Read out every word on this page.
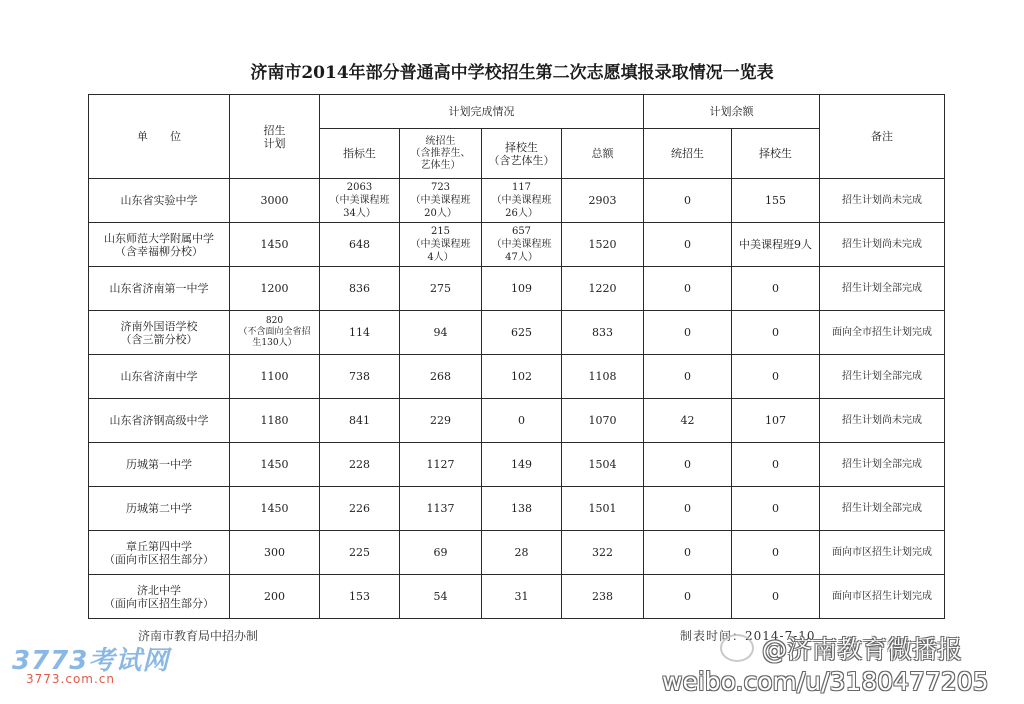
济南市2014年部分普通高中学校招生第二次志愿填报录取情况一览表
单　　位	招生
计划	计划完成情况				计划余额		备注
		指标生	统招生
（含推荐生、
艺体生）	择校生
（含艺体生）	总额	统招生	择校生	
山东省实验中学	3000	2063
（中美课程班
34人）	723
（中美课程班
20人）	117
（中美课程班
26人）	2903	0	155	招生计划尚未完成
山东师范大学附属中学
（含幸福柳分校）	1450	648	215
（中美课程班
4人）	657
（中美课程班
47人）	1520	0	中美课程班9人	招生计划尚未完成
山东省济南第一中学	1200	836	275	109	1220	0	0	招生计划全部完成
济南外国语学校
（含三箭分校）	820
（不含面向全省招
生130人）	114	94	625	833	0	0	面向全市招生计划完成
山东省济南中学	1100	738	268	102	1108	0	0	招生计划全部完成
山东省济钢高级中学	1180	841	229	0	1070	42	107	招生计划尚未完成
历城第一中学	1450	228	1127	149	1504	0	0	招生计划全部完成
历城第二中学	1450	226	1137	138	1501	0	0	招生计划全部完成
章丘第四中学
（面向市区招生部分）	300	225	69	28	322	0	0	面向市区招生计划完成
济北中学
（面向市区招生部分）	200	153	54	31	238	0	0	面向市区招生计划完成
济南市教育局中招办制	制表时间：2014-7-10
3773考试网
3773.com.cn
@济南教育微播报
weibo.com/u/3180477205
